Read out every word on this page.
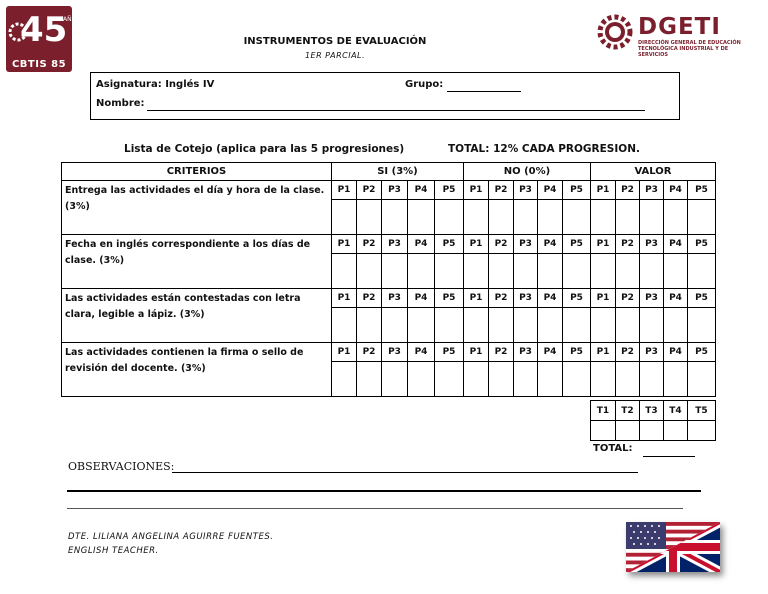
45
AÑOS
CBTIS 85
DGETI
DIRECCIÓN GENERAL DE EDUCACIÓN TECNOLÓGICA INDUSTRIAL Y DE SERVICIOS
INSTRUMENTOS DE EVALUACIÓN
1ER PARCIAL.
Asignatura: Inglés IV	Grupo:
Nombre:
Lista de Cotejo (aplica para las 5 progresiones)	TOTAL: 12% CADA PROGRESION.
CRITERIOS	SI (3%)					NO (0%)					VALOR				
Entrega las actividades el día y hora de la clase. (3%)	P1	P2	P3	P4	P5	P1	P2	P3	P4	P5	P1	P2	P3	P4	P5

Fecha en inglés correspondiente a los días de clase. (3%)	P1	P2	P3	P4	P5	P1	P2	P3	P4	P5	P1	P2	P3	P4	P5

Las actividades están contestadas con letra clara, legible a lápiz. (3%)	P1	P2	P3	P4	P5	P1	P2	P3	P4	P5	P1	P2	P3	P4	P5

Las actividades contienen la firma o sello de revisión del docente. (3%)	P1	P2	P3	P4	P5	P1	P2	P3	P4	P5	P1	P2	P3	P4	P5

T1	T2	T3	T4	T5

TOTAL:
OBSERVACIONES:
DTE. LILIANA ANGELINA AGUIRRE FUENTES.
ENGLISH TEACHER.
